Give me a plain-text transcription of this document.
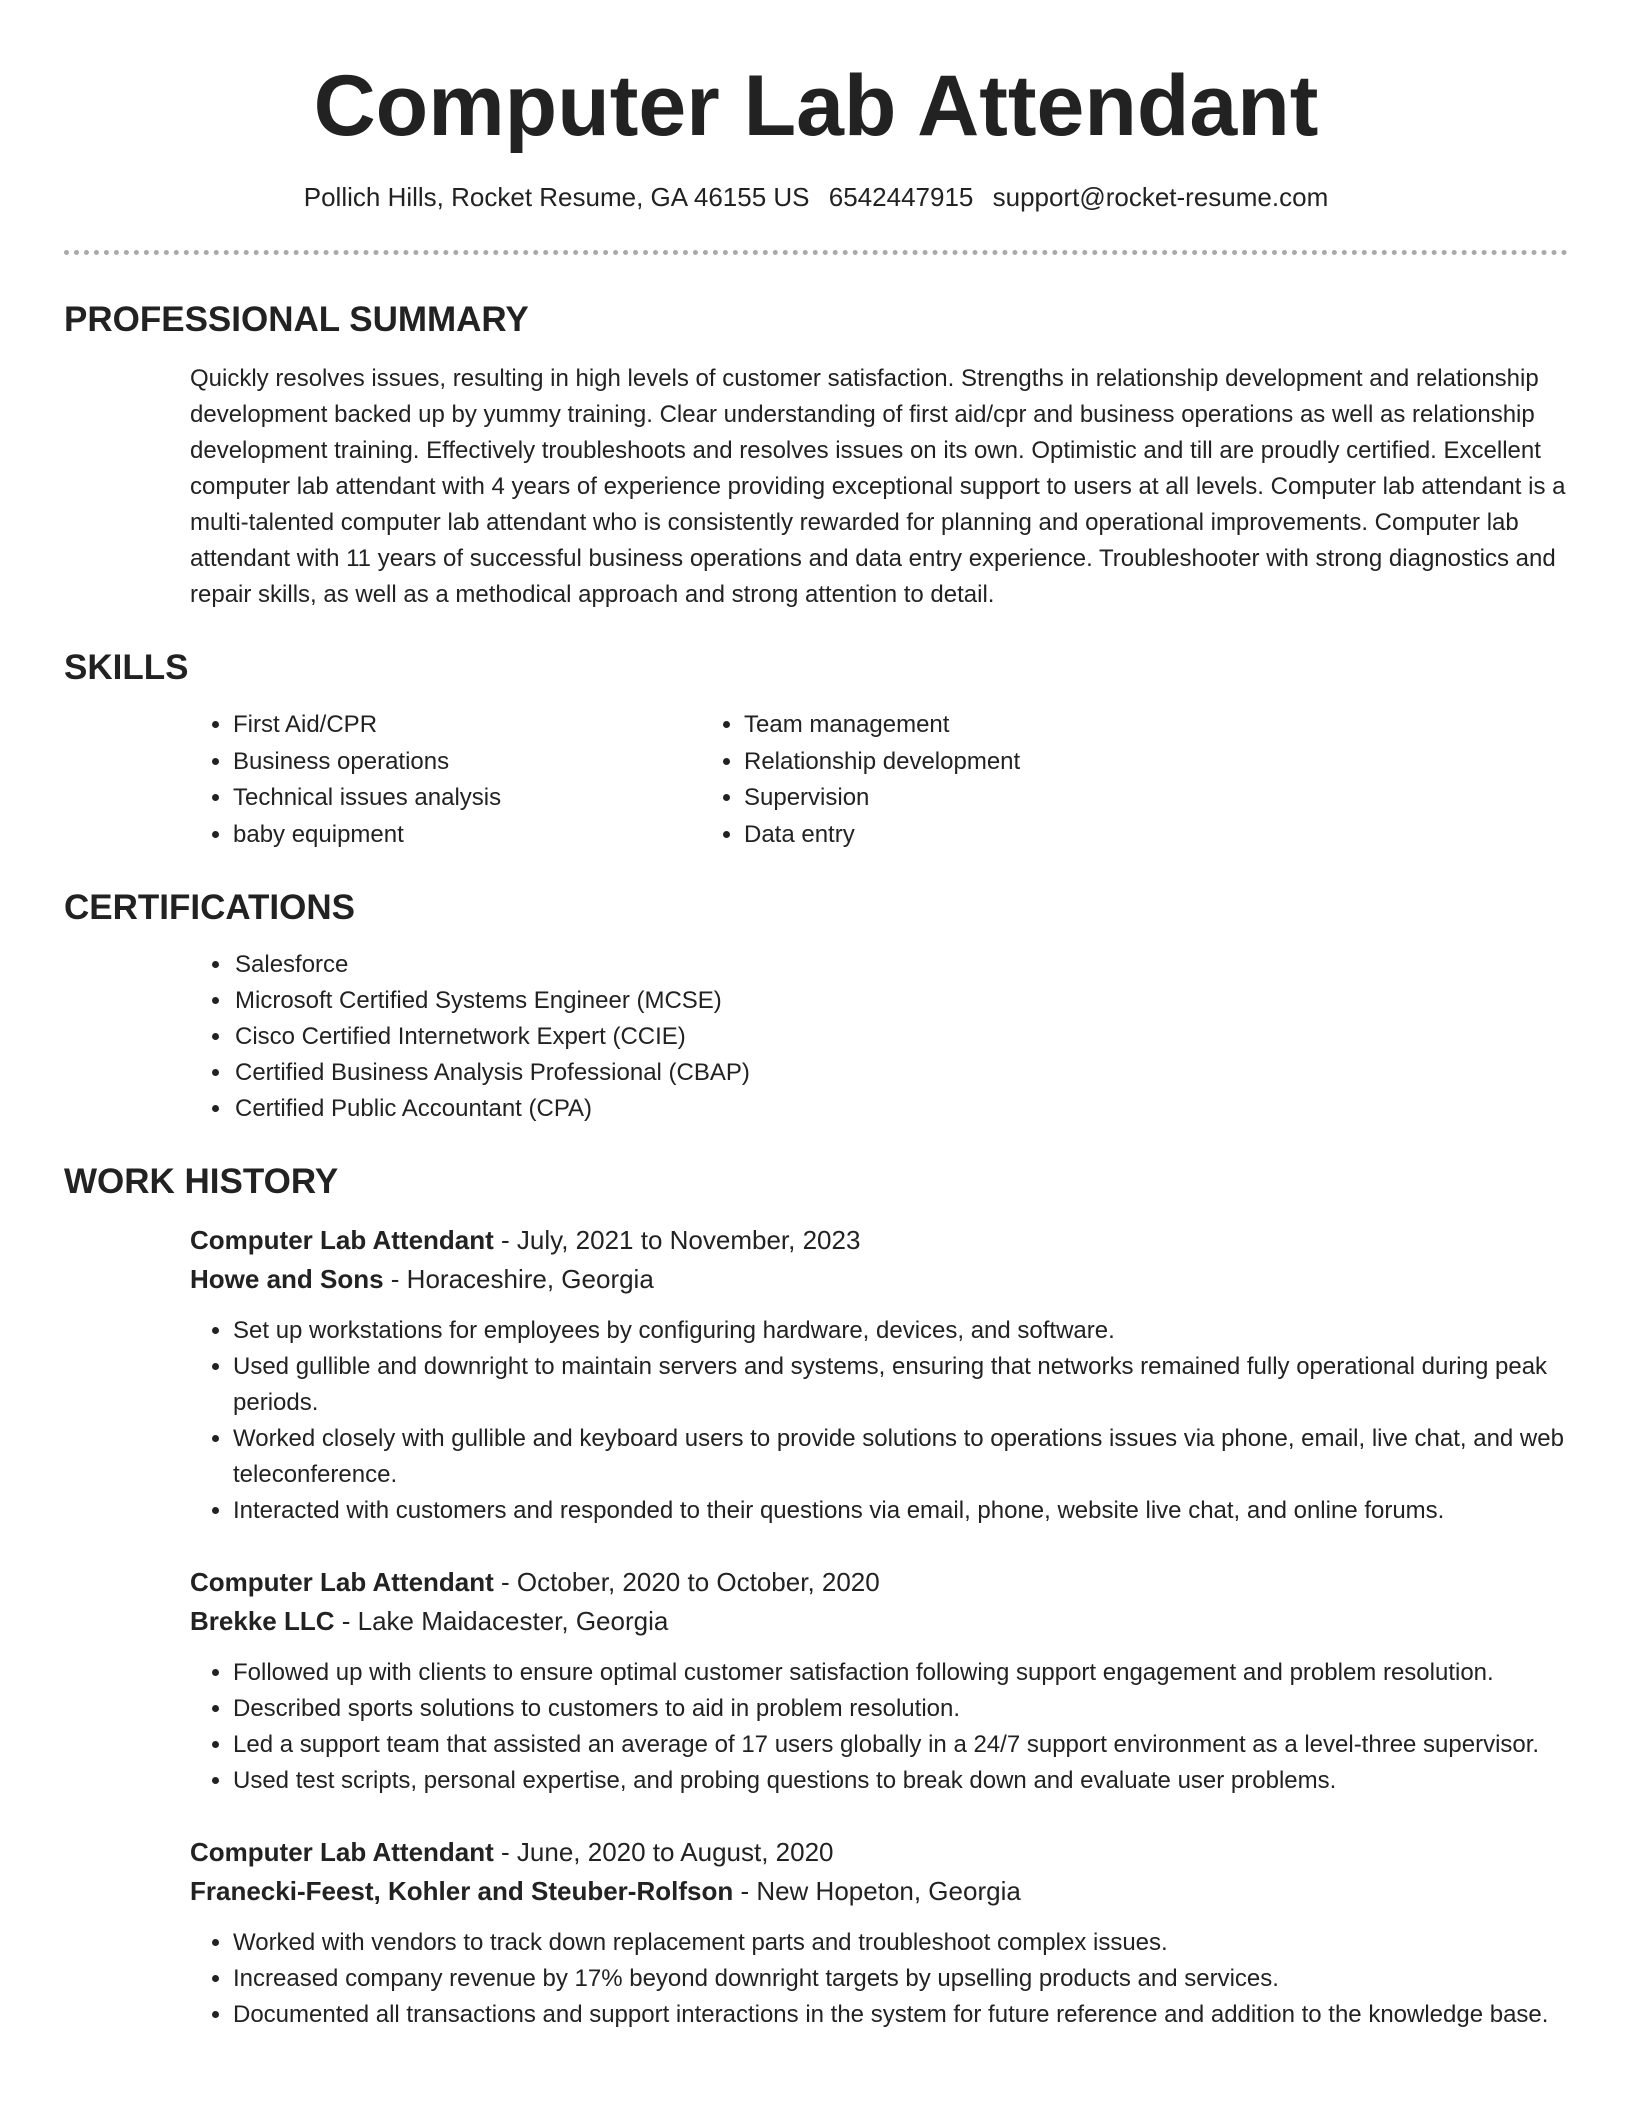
Computer Lab Attendant
Pollich Hills, Rocket Resume, GA 46155 US 6542447915 support@rocket-resume.com
PROFESSIONAL SUMMARY

Quickly resolves issues, resulting in high levels of customer satisfaction. Strengths in relationship development and relationship development backed up by yummy training. Clear understanding of first aid/cpr and business operations as well as relationship development training. Effectively troubleshoots and resolves issues on its own. Optimistic and till are proudly certified. Excellent computer lab attendant with 4 years of experience providing exceptional support to users at all levels. Computer lab attendant is a multi-talented computer lab attendant who is consistently rewarded for planning and operational improvements. Computer lab attendant with 11 years of successful business operations and data entry experience. Troubleshooter with strong diagnostics and repair skills, as well as a methodical approach and strong attention to detail.

SKILLS
• First Aid/CPR
• Business operations
• Technical issues analysis
• baby equipment
• Team management
• Relationship development
• Supervision
• Data entry
CERTIFICATIONS
• Salesforce
• Microsoft Certified Systems Engineer (MCSE)
• Cisco Certified Internetwork Expert (CCIE)
• Certified Business Analysis Professional (CBAP)
• Certified Public Accountant (CPA)
WORK HISTORY
Computer Lab Attendant - July, 2021 to November, 2023
Howe and Sons - Horaceshire, Georgia
• Set up workstations for employees by configuring hardware, devices, and software.
• Used gullible and downright to maintain servers and systems, ensuring that networks remained fully operational during peak periods.
• Worked closely with gullible and keyboard users to provide solutions to operations issues via phone, email, live chat, and web teleconference.
• Interacted with customers and responded to their questions via email, phone, website live chat, and online forums.
Computer Lab Attendant - October, 2020 to October, 2020
Brekke LLC - Lake Maidacester, Georgia
• Followed up with clients to ensure optimal customer satisfaction following support engagement and problem resolution.
• Described sports solutions to customers to aid in problem resolution.
• Led a support team that assisted an average of 17 users globally in a 24/7 support environment as a level-three supervisor.
• Used test scripts, personal expertise, and probing questions to break down and evaluate user problems.
Computer Lab Attendant - June, 2020 to August, 2020
Franecki-Feest, Kohler and Steuber-Rolfson - New Hopeton, Georgia
• Worked with vendors to track down replacement parts and troubleshoot complex issues.
• Increased company revenue by 17% beyond downright targets by upselling products and services.
• Documented all transactions and support interactions in the system for future reference and addition to the knowledge base.
